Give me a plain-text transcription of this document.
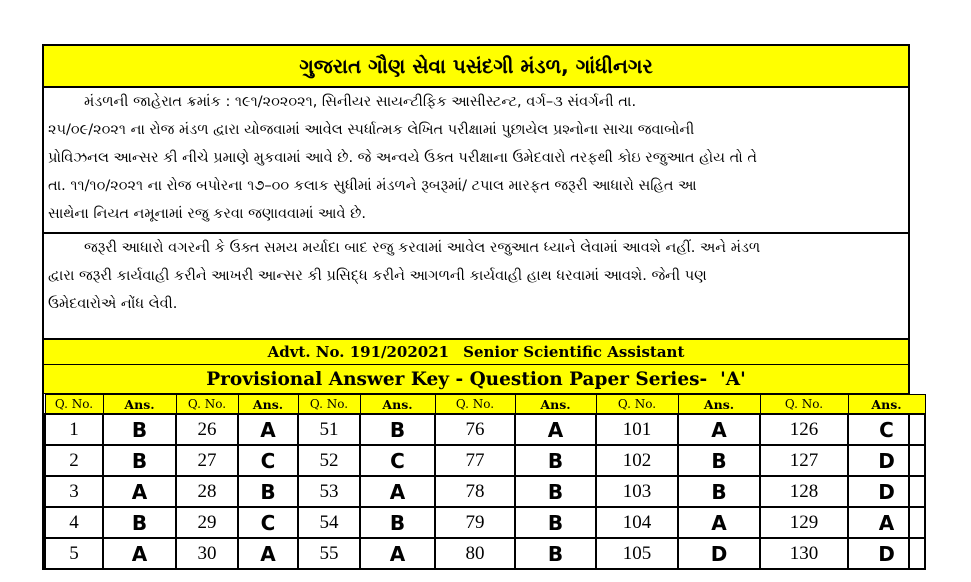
ગુજરાત ગૌણ સેવા પસંદગી મંડળ, ગાંધીનગર
મંડળની જાહેરાત ક્રમાંક : ૧૯૧/૨૦૨૦૨૧, સિનીયર સાયન્ટીફિક આસીસ્ટન્ટ, વર્ગ–૩ સંવર્ગની તા.
૨૫/૦૯/૨૦૨૧ ના રોજ મંડળ દ્વારા યોજવામાં આવેલ સ્પર્ધાત્મક લેખિત પરીક્ષામાં પુછાયેલ પ્રશ્નોના સાચા જવાબોની
પ્રોવિઝનલ આન્સર કી નીચે પ્રમાણે મુકવામાં આવે છે. જે અન્વયે ઉક્ત પરીક્ષાના ઉમેદવારો તરફથી કોઇ રજુઆત હોય તો તે
તા. ૧૧/૧૦/૨૦૨૧ ના રોજ બપોરના ૧૭–૦૦ કલાક સુધીમાં મંડળને રૂબરૂમાં/ ટપાલ મારફત જરૂરી આધારો સહિત આ
સાથેના નિયત નમૂનામાં રજુ કરવા જણાવવામાં આવે છે.
જરૂરી આધારો વગરની કે ઉક્ત સમય મર્યાદા બાદ રજુ કરવામાં આવેલ રજુઆત ધ્યાને લેવામાં આવશે નહીં. અને મંડળ
દ્વારા જરૂરી કાર્યવાહી કરીને આખરી આન્સર કી પ્રસિદ્ધ કરીને આગળની કાર્યવાહી હાથ ધરવામાં આવશે. જેની પણ
ઉમેદવારોએ નોંધ લેવી.
Advt. No. 191/202021 Senior Scientific Assistant
Provisional Answer Key - Question Paper Series-  'A'
Q. No.	Ans.	Q. No.	Ans.	Q. No.	Ans.	Q. No.	Ans.	Q. No.	Ans.	Q. No.	Ans.
1	B	26	A	51	B	76	A	101	A	126	C
2	B	27	C	52	C	77	B	102	B	127	D
3	A	28	B	53	A	78	B	103	B	128	D
4	B	29	C	54	B	79	B	104	A	129	A
5	A	30	A	55	A	80	B	105	D	130	D
